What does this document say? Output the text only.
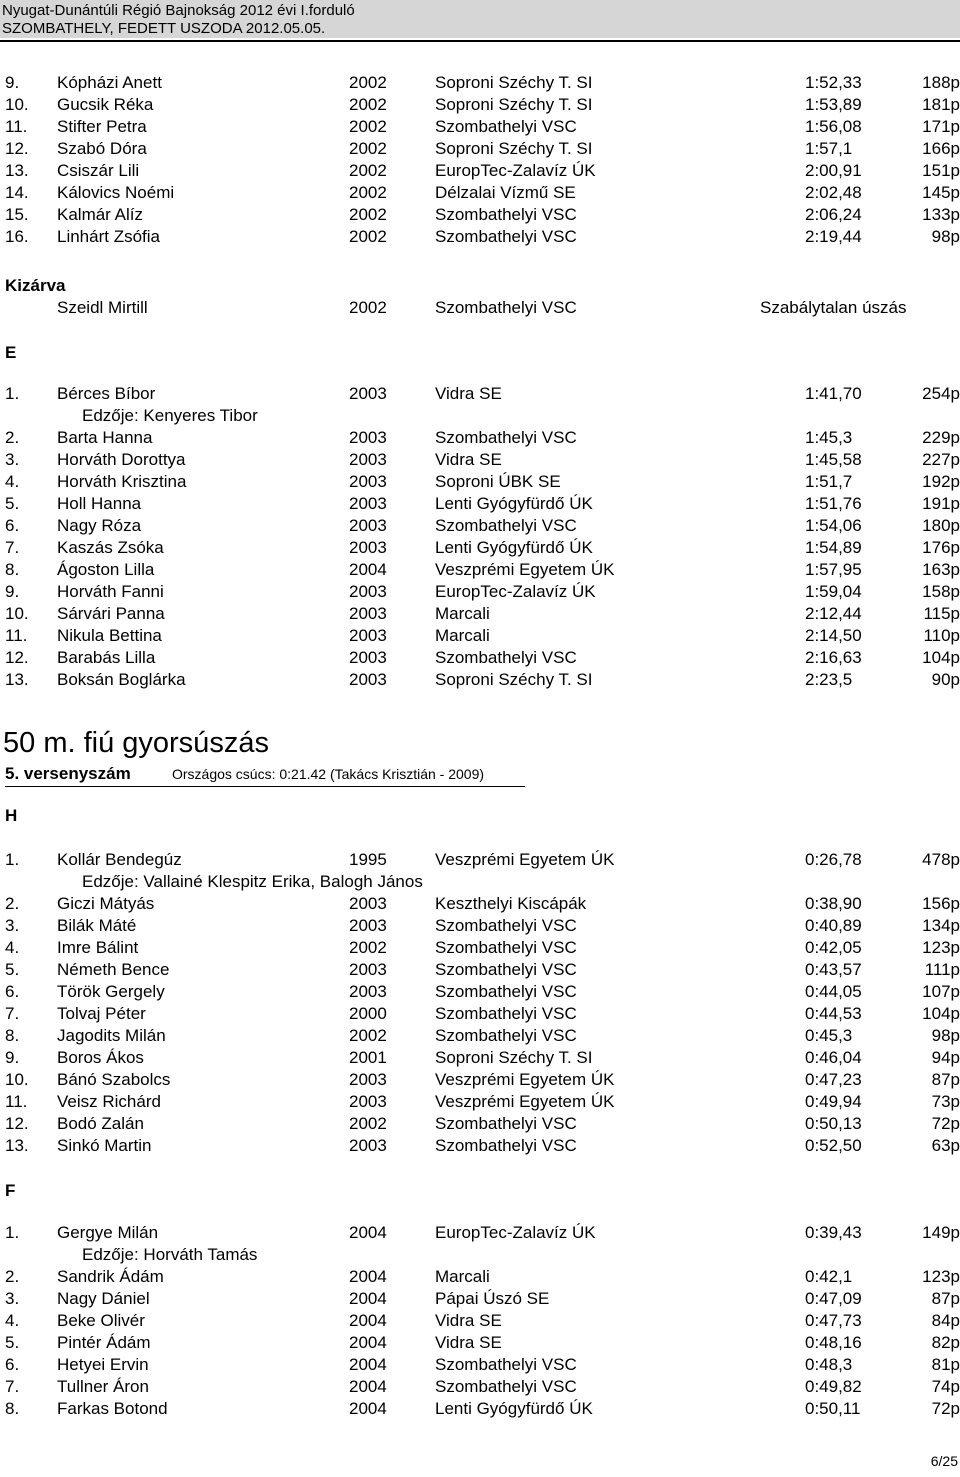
Nyugat-Dunántúli Régió Bajnokság 2012 évi I.forduló
SZOMBATHELY, FEDETT USZODA 2012.05.05.
9. Kópházi Anett	2002	Soproni Széchy T. SI	1:52,33	188p
10. Gucsik Réka	2002	Soproni Széchy T. SI	1:53,89	181p
11. Stifter Petra	2002	Szombathelyi VSC	1:56,08	171p
12. Szabó Dóra	2002	Soproni Széchy T. SI	1:57,1	166p
13. Csiszár Lili	2002	EuropTec-Zalavíz ÚK	2:00,91	151p
14. Kálovics Noémi	2002	Délzalai Vízmű SE	2:02,48	145p
15. Kalmár Alíz	2002	Szombathelyi VSC	2:06,24	133p
16. Linhárt Zsófia	2002	Szombathelyi VSC	2:19,44	98p
Kizárva
Szeidl Mirtill	2002	Szombathelyi VSC	Szabálytalan úszás
E
1. Bérces Bíbor	2003	Vidra SE	1:41,70	254p
Edzője: Kenyeres Tibor
2. Barta Hanna	2003	Szombathelyi VSC	1:45,3	229p
3. Horváth Dorottya	2003	Vidra SE	1:45,58	227p
4. Horváth Krisztina	2003	Soproni ÚBK SE	1:51,7	192p
5. Holl Hanna	2003	Lenti Gyógyfürdő ÚK	1:51,76	191p
6. Nagy Róza	2003	Szombathelyi VSC	1:54,06	180p
7. Kaszás Zsóka	2003	Lenti Gyógyfürdő ÚK	1:54,89	176p
8. Ágoston Lilla	2004	Veszprémi Egyetem ÚK	1:57,95	163p
9. Horváth Fanni	2003	EuropTec-Zalavíz ÚK	1:59,04	158p
10. Sárvári Panna	2003	Marcali	2:12,44	115p
11. Nikula Bettina	2003	Marcali	2:14,50	110p
12. Barabás Lilla	2003	Szombathelyi VSC	2:16,63	104p
13. Boksán Boglárka	2003	Soproni Széchy T. SI	2:23,5	90p
50 m. fiú gyorsúszás
5. versenyszám	Országos csúcs: 0:21.42 (Takács Krisztián - 2009)
H
1. Kollár Bendegúz	1995	Veszprémi Egyetem ÚK	0:26,78	478p
Edzője: Vallainé Klespitz Erika, Balogh János
2. Giczi Mátyás	2003	Keszthelyi Kiscápák	0:38,90	156p
3. Bilák Máté	2003	Szombathelyi VSC	0:40,89	134p
4. Imre Bálint	2002	Szombathelyi VSC	0:42,05	123p
5. Németh Bence	2003	Szombathelyi VSC	0:43,57	111p
6. Török Gergely	2003	Szombathelyi VSC	0:44,05	107p
7. Tolvaj Péter	2000	Szombathelyi VSC	0:44,53	104p
8. Jagodits Milán	2002	Szombathelyi VSC	0:45,3	98p
9. Boros Ákos	2001	Soproni Széchy T. SI	0:46,04	94p
10. Bánó Szabolcs	2003	Veszprémi Egyetem ÚK	0:47,23	87p
11. Veisz Richárd	2003	Veszprémi Egyetem ÚK	0:49,94	73p
12. Bodó Zalán	2002	Szombathelyi VSC	0:50,13	72p
13. Sinkó Martin	2003	Szombathelyi VSC	0:52,50	63p
F
1. Gergye Milán	2004	EuropTec-Zalavíz ÚK	0:39,43	149p
Edzője: Horváth Tamás
2. Sandrik Ádám	2004	Marcali	0:42,1	123p
3. Nagy Dániel	2004	Pápai Úszó SE	0:47,09	87p
4. Beke Olivér	2004	Vidra SE	0:47,73	84p
5. Pintér Ádám	2004	Vidra SE	0:48,16	82p
6. Hetyei Ervin	2004	Szombathelyi VSC	0:48,3	81p
7. Tullner Áron	2004	Szombathelyi VSC	0:49,82	74p
8. Farkas Botond	2004	Lenti Gyógyfürdő ÚK	0:50,11	72p
6/25
